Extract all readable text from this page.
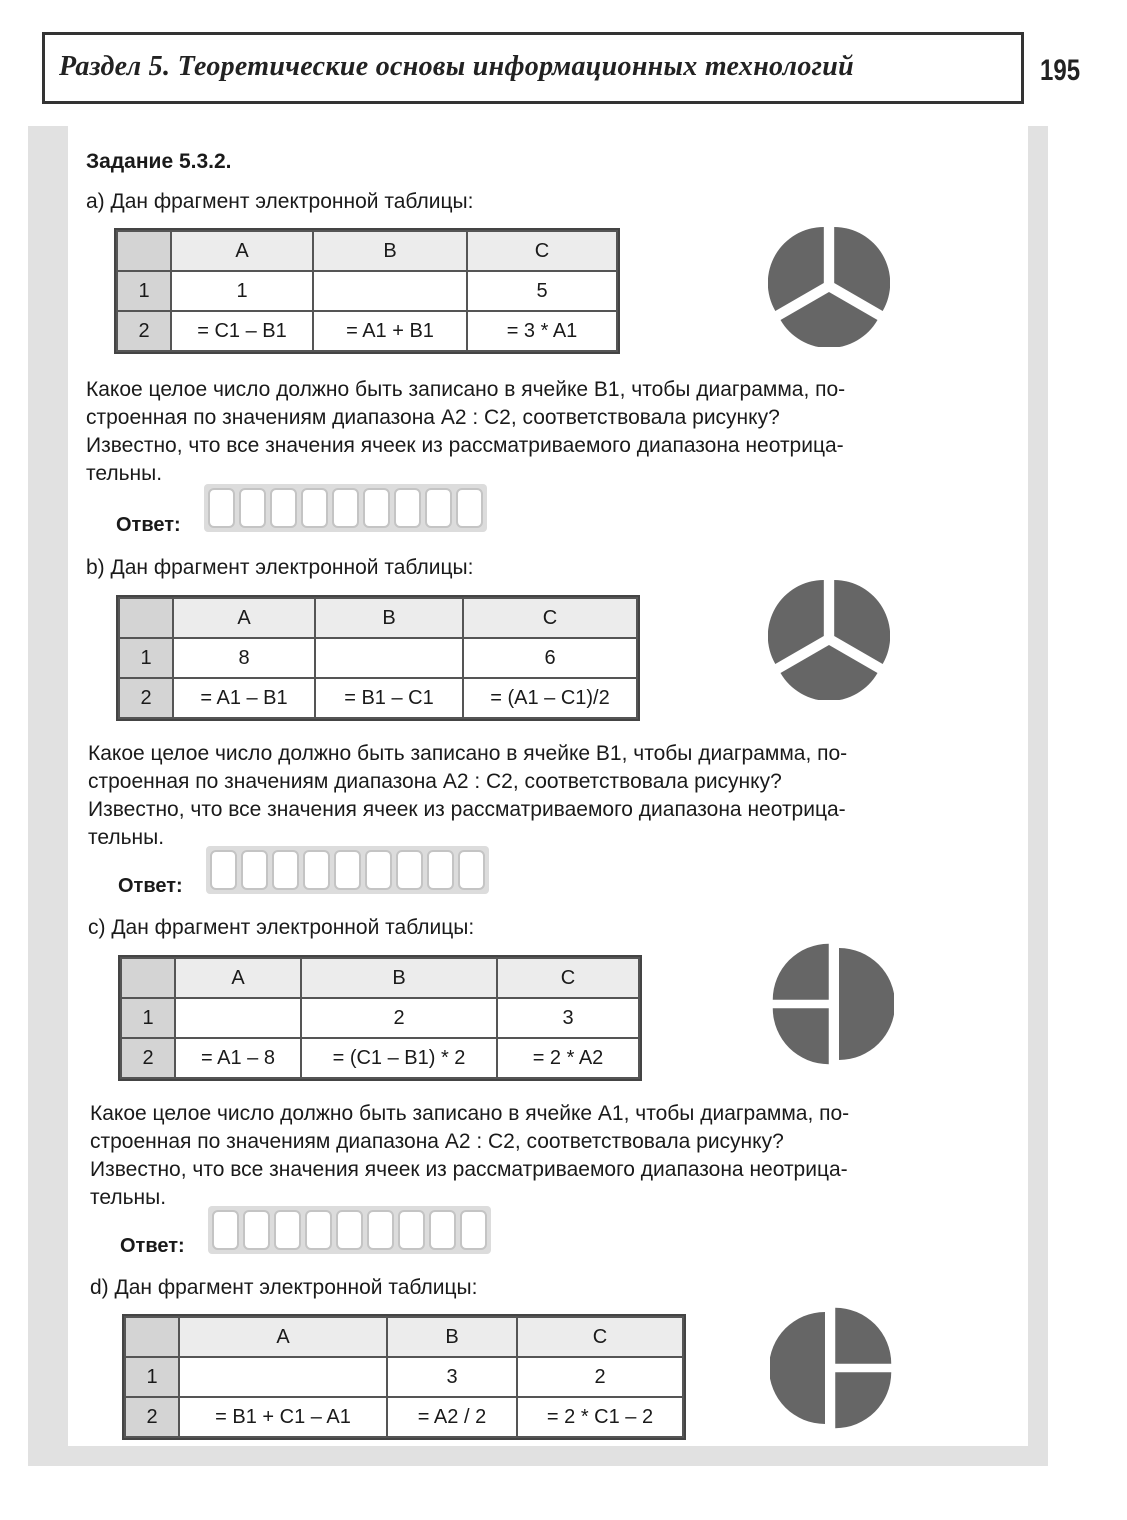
Раздел 5. Теоретические основы информационных технологий	195
Задание 5.3.2.
а) Дан фрагмент электронной таблицы:
	A	B	C
1	1		5
2	= C1 – B1	= A1 + B1	= 3 * A1
Какое целое число должно быть записано в ячейке B1, чтобы диаграмма, по-
строенная по значениям диапазона A2 : C2, соответствовала рисунку?
Известно, что все значения ячеек из рассматриваемого диапазона неотрица-
тельны.
Ответ:
b) Дан фрагмент электронной таблицы:
	A	B	C
1	8		6
2	= A1 – B1	= B1 – C1	= (A1 – C1)/2
Какое целое число должно быть записано в ячейке B1, чтобы диаграмма, по-
строенная по значениям диапазона A2 : C2, соответствовала рисунку?
Известно, что все значения ячеек из рассматриваемого диапазона неотрица-
тельны.
Ответ:
c) Дан фрагмент электронной таблицы:
	A	B	C
1		2	3
2	= A1 – 8	= (C1 – B1) * 2	= 2 * A2
Какое целое число должно быть записано в ячейке A1, чтобы диаграмма, по-
строенная по значениям диапазона A2 : C2, соответствовала рисунку?
Известно, что все значения ячеек из рассматриваемого диапазона неотрица-
тельны.
Ответ:
d) Дан фрагмент электронной таблицы:
	A	B	C
1		3	2
2	= B1 + C1 – A1	= A2 / 2	= 2 * C1 – 2
